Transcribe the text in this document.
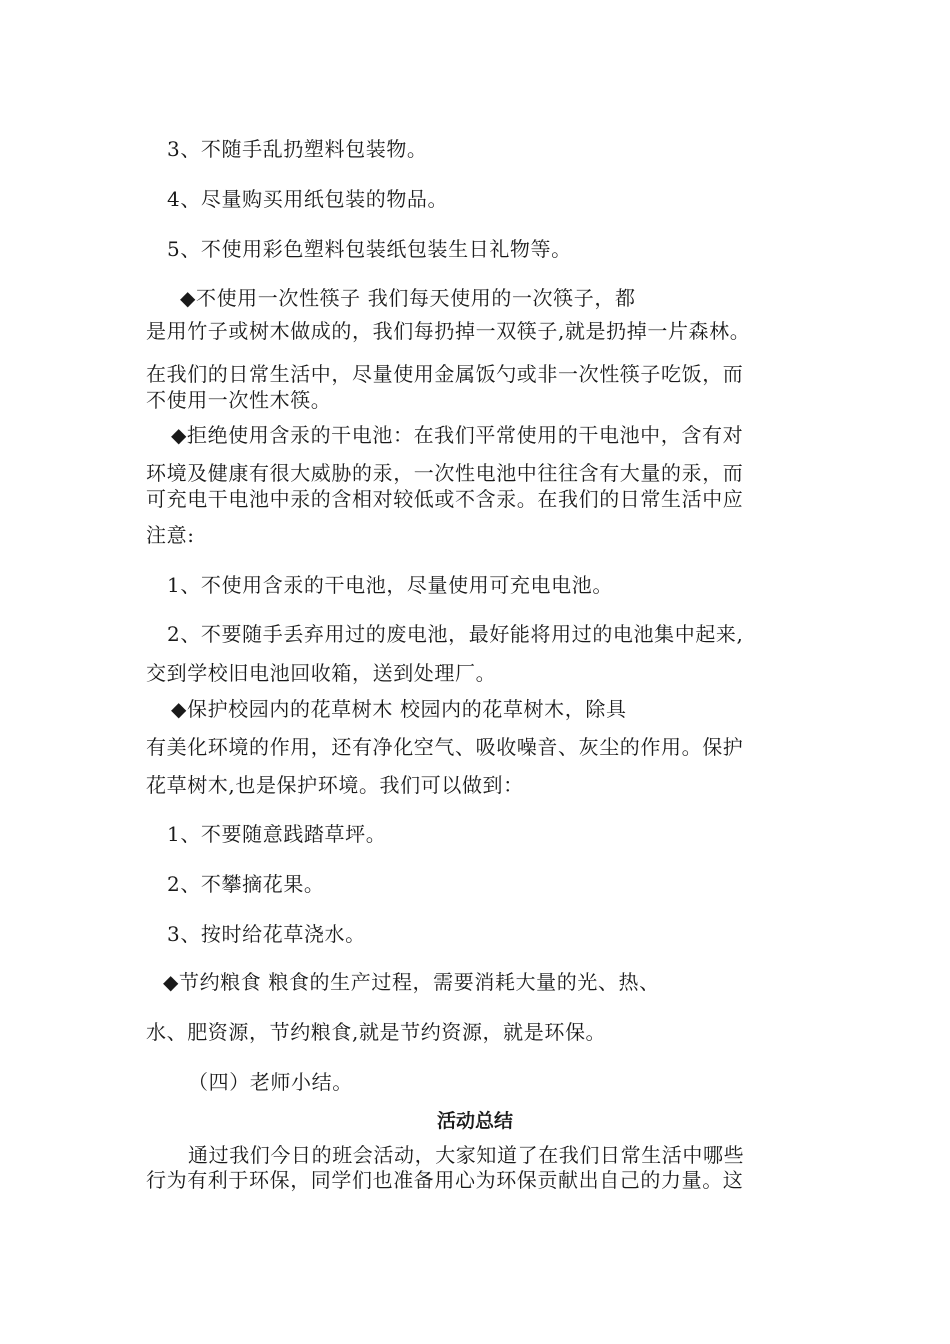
3、不随手乱扔塑料包装物。
4、尽量购买用纸包装的物品。
5、不使用彩色塑料包装纸包装生日礼物等。
◆不使用一次性筷子 我们每天使用的一次筷子，都
是用竹子或树木做成的，我们每扔掉一双筷子,就是扔掉一片森林。
在我们的日常生活中，尽量使用金属饭勺或非一次性筷子吃饭，而
不使用一次性木筷。
◆拒绝使用含汞的干电池：在我们平常使用的干电池中，含有对
环境及健康有很大威胁的汞，一次性电池中往往含有大量的汞，而
可充电干电池中汞的含相对较低或不含汞。在我们的日常生活中应
注意:
1、不使用含汞的干电池，尽量使用可充电电池。
2、不要随手丢弃用过的废电池，最好能将用过的电池集中起来,
交到学校旧电池回收箱，送到处理厂。
◆保护校园内的花草树木 校园内的花草树木，除具
有美化环境的作用，还有净化空气、吸收噪音、灰尘的作用。保护
花草树木,也是保护环境。我们可以做到：
1、不要随意践踏草坪。
2、不攀摘花果。
3、按时给花草浇水。
◆节约粮食 粮食的生产过程，需要消耗大量的光、热、
水、肥资源，节约粮食,就是节约资源，就是环保。
（四）老师小结。
活动总结
通过我们今日的班会活动，大家知道了在我们日常生活中哪些
行为有利于环保，同学们也准备用心为环保贡献出自己的力量。这
